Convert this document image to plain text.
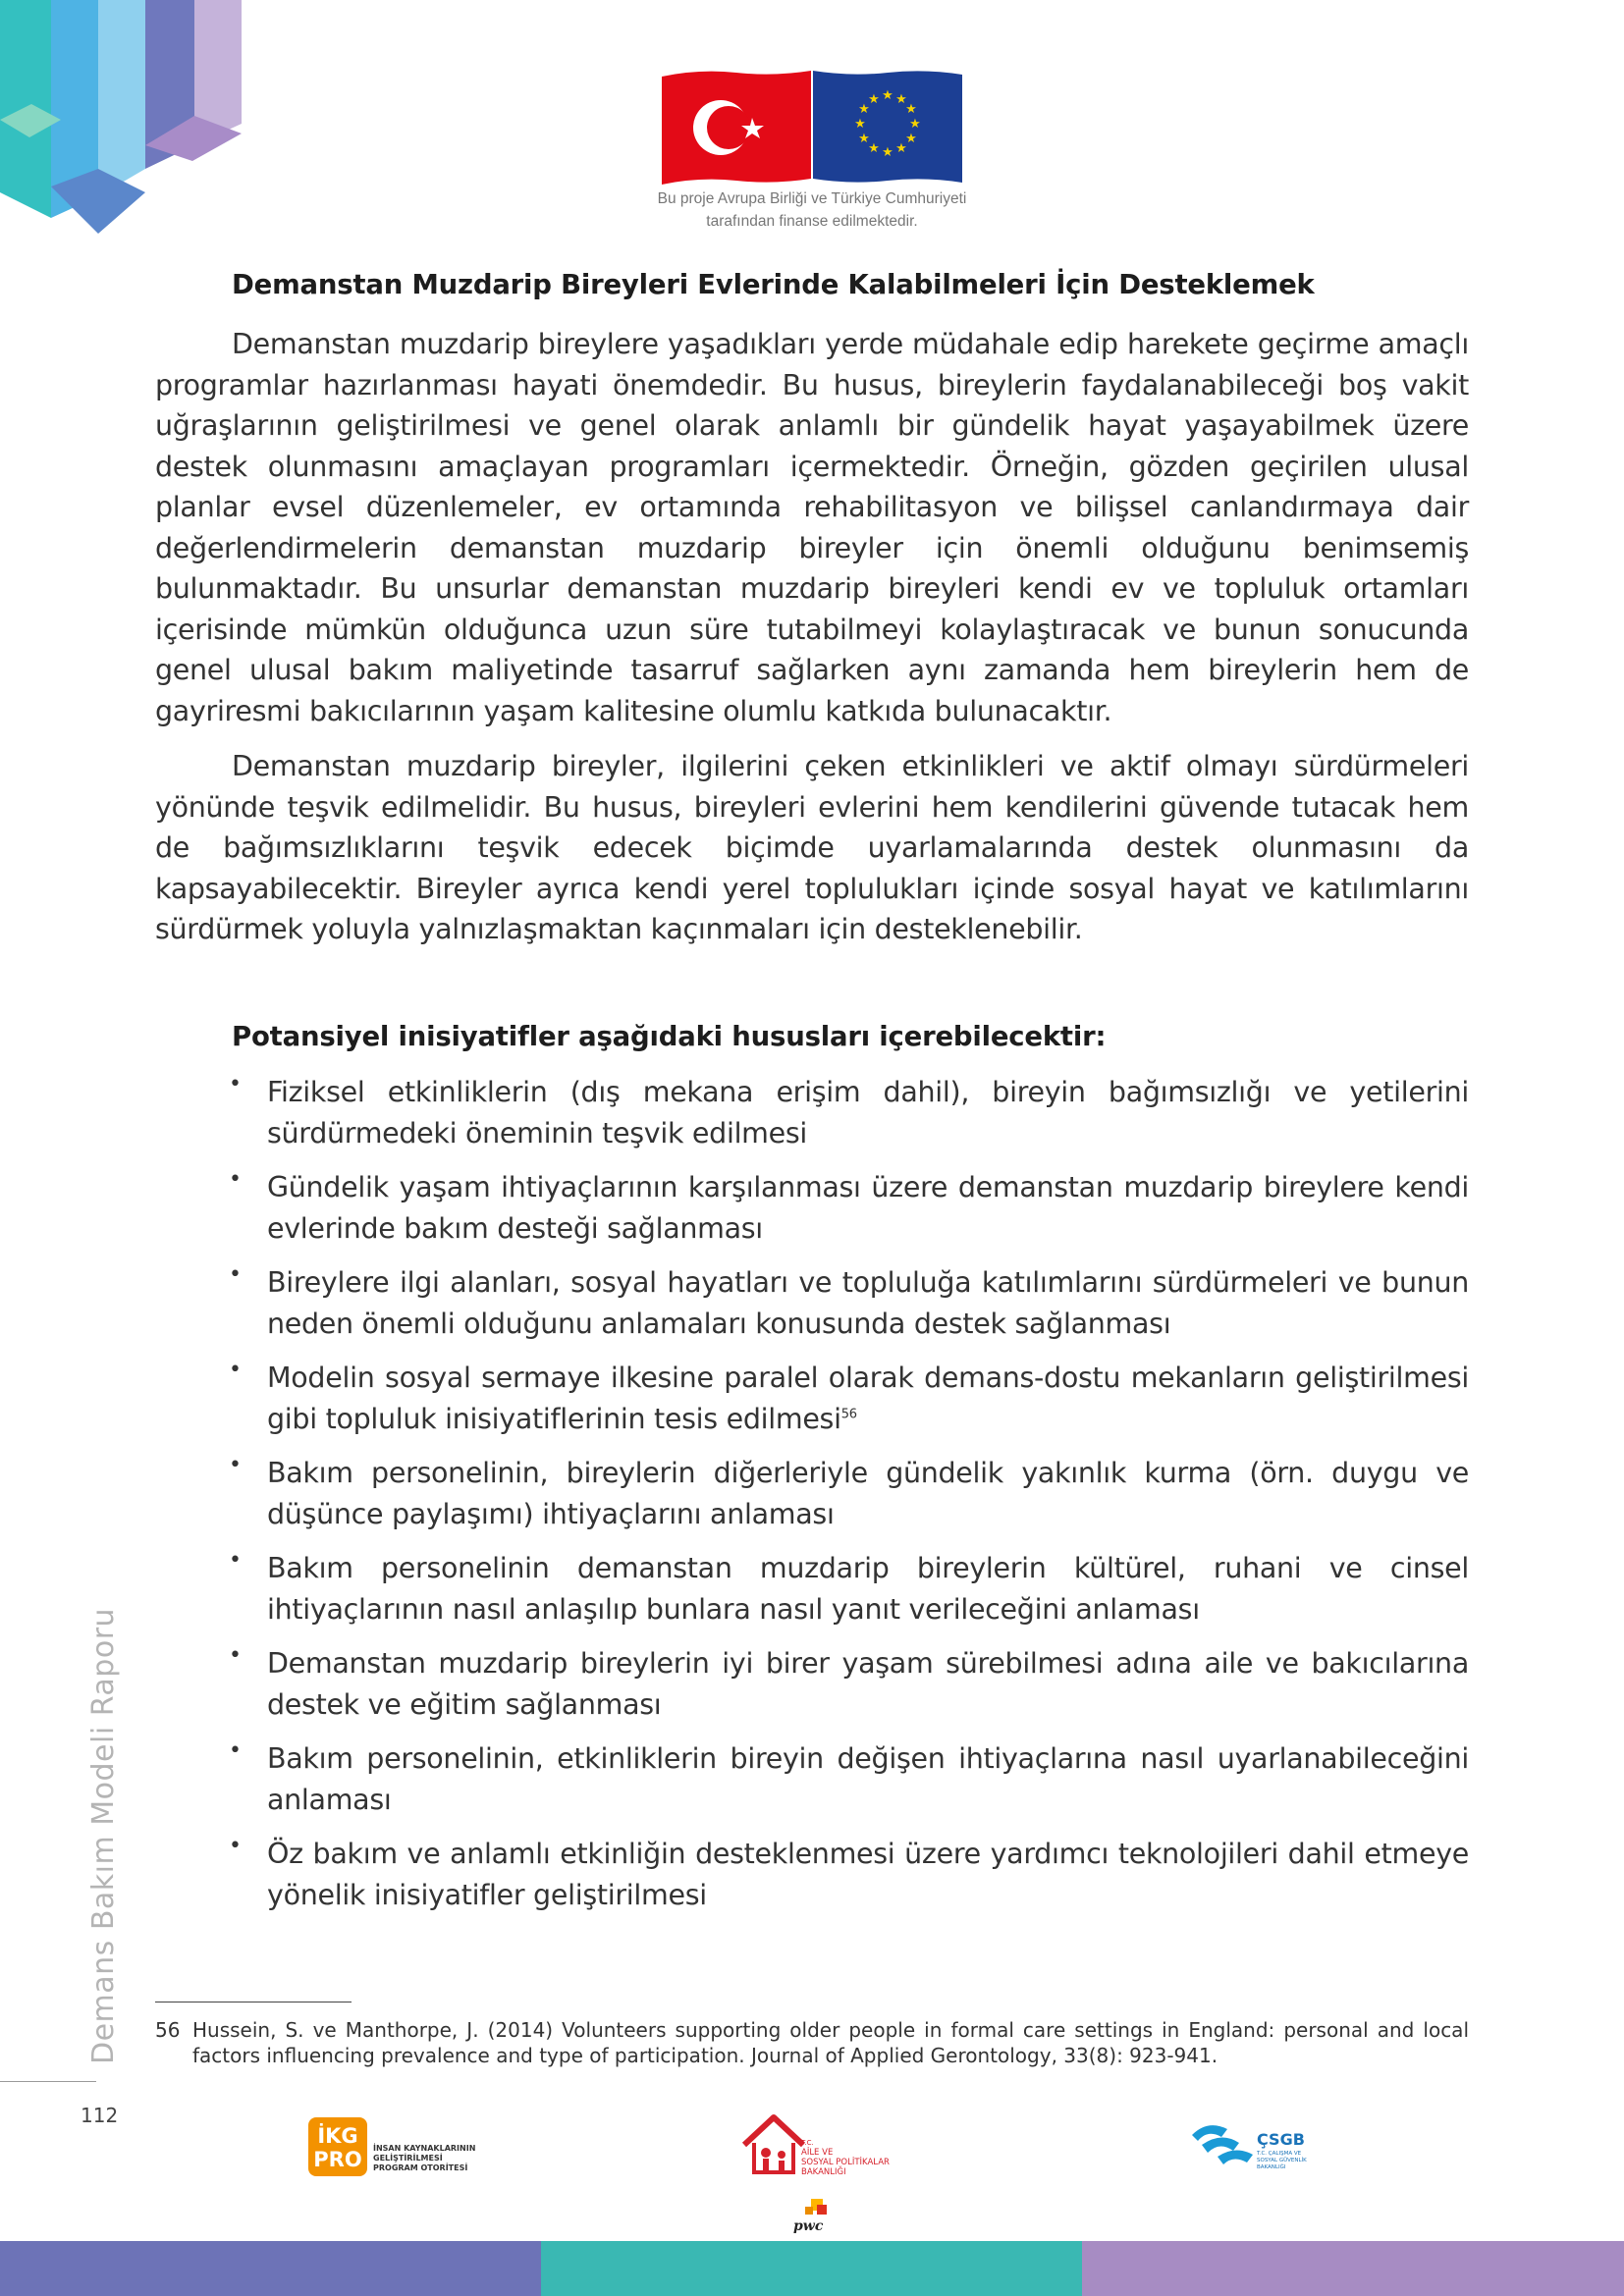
★ ★
★
★
★
★
★
★
★
★
★
★
Bu proje Avrupa Birliği ve Türkiye Cumhuriyeti
tarafından finanse edilmektedir.
Demanstan Muzdarip Bireyleri Evlerinde Kalabilmeleri İçin Desteklemek
Demanstan muzdarip bireylere yaşadıkları yerde müdahale edip harekete geçirme amaçlı programlar hazırlanması hayati önemdedir. Bu husus, bireylerin faydalanabileceği boş vakit uğraşlarının geliştirilmesi ve genel olarak anlamlı bir gündelik hayat yaşayabilmek üzere destek olunmasını amaçlayan programları içermektedir. Örneğin, gözden geçirilen ulusal planlar evsel düzenlemeler, ev ortamında rehabilitasyon ve bilişsel canlandırmaya dair değerlendirmelerin demanstan muzdarip bireyler için önemli olduğunu benimsemiş bulunmaktadır. Bu unsurlar demanstan muzdarip bireyleri kendi ev ve topluluk ortamları içerisinde mümkün olduğunca uzun süre tutabilmeyi kolaylaştıracak ve bunun sonucunda genel ulusal bakım maliyetinde tasarruf sağlarken aynı zamanda hem bireylerin hem de gayriresmi bakıcılarının yaşam kalitesine olumlu katkıda bulunacaktır.
Demanstan muzdarip bireyler, ilgilerini çeken etkinlikleri ve aktif olmayı sürdürmeleri yönünde teşvik edilmelidir. Bu husus, bireyleri evlerini hem kendilerini güvende tutacak hem de bağımsızlıklarını teşvik edecek biçimde uyarlamalarında destek olunmasını da kapsayabilecektir. Bireyler ayrıca kendi yerel toplulukları içinde sosyal hayat ve katılımlarını sürdürmek yoluyla yalnızlaşmaktan kaçınmaları için desteklenebilir.
Potansiyel inisiyatifler aşağıdaki hususları içerebilecektir:
• Fiziksel etkinliklerin (dış mekana erişim dahil), bireyin bağımsızlığı ve yetilerini sürdürmedeki öneminin teşvik edilmesi
• Gündelik yaşam ihtiyaçlarının karşılanması üzere demanstan muzdarip bireylere kendi evlerinde bakım desteği sağlanması
• Bireylere ilgi alanları, sosyal hayatları ve topluluğa katılımlarını sürdürmeleri ve bunun neden önemli olduğunu anlamaları konusunda destek sağlanması
• Modelin sosyal sermaye ilkesine paralel olarak demans-dostu mekanların geliştirilmesi gibi topluluk inisiyatiflerinin tesis edilmesi$^{56}$
• Bakım personelinin, bireylerin diğerleriyle gündelik yakınlık kurma (örn. duygu ve düşünce paylaşımı) ihtiyaçlarını anlaması
• Bakım personelinin demanstan muzdarip bireylerin kültürel, ruhani ve cinsel ihtiyaçlarının nasıl anlaşılıp bunlara nasıl yanıt verileceğini anlaması
• Demanstan muzdarip bireylerin iyi birer yaşam sürebilmesi adına aile ve bakıcılarına destek ve eğitim sağlanması
• Bakım personelinin, etkinliklerin bireyin değişen ihtiyaçlarına nasıl uyarlanabileceğini anlaması
• Öz bakım ve anlamlı etkinliğin desteklenmesi üzere yardımcı teknolojileri dahil etmeye yönelik inisiyatifler geliştirilmesi
56 Hussein, S. ve Manthorpe, J. (2014) Volunteers supporting older people in formal care settings in England: personal and local factors influencing prevalence and type of participation. Journal of Applied Gerontology, 33(8): 923-941.
Demans Bakım Modeli Raporu
112
İKG
PRO İNSAN KAYNAKLARININ
GELİŞTİRİLMESİ
PROGRAM OTORİTESİ
T.C.
AİLE VE
SOSYAL POLİTİKALAR
BAKANLIĞI
ÇSGB
T.C. ÇALIŞMA VE
SOSYAL GÜVENLİK
BAKANLIĞI
pwc
